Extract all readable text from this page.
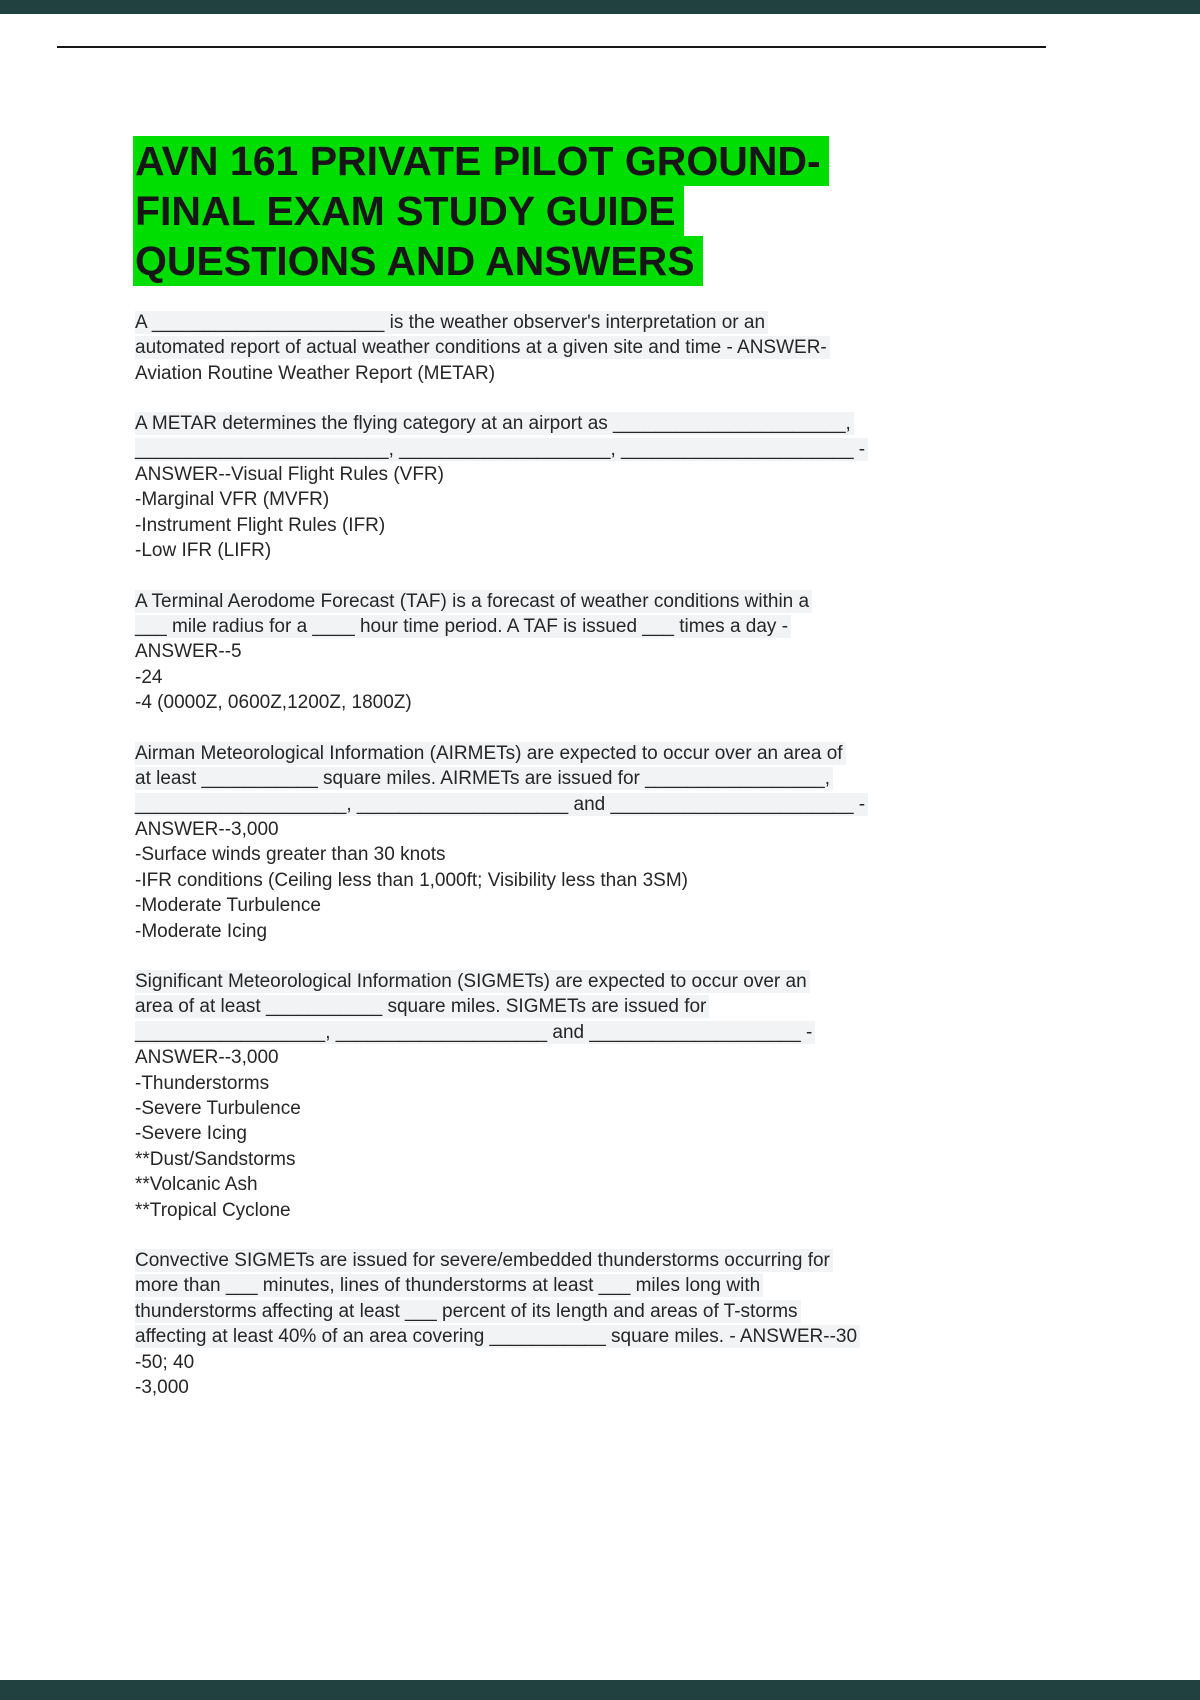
AVN 161 PRIVATE PILOT GROUND-
FINAL EXAM STUDY GUIDE
QUESTIONS AND ANSWERS
A ______________________ is the weather observer's interpretation or an
automated report of actual weather conditions at a given site and time - ANSWER-
Aviation Routine Weather Report (METAR)
A METAR determines the flying category at an airport as ______________________,
________________________, ____________________, ______________________ -
ANSWER--Visual Flight Rules (VFR)
-Marginal VFR (MVFR)
-Instrument Flight Rules (IFR)
-Low IFR (LIFR)
A Terminal Aerodome Forecast (TAF) is a forecast of weather conditions within a
___ mile radius for a ____ hour time period. A TAF is issued ___ times a day -
ANSWER--5
-24
-4 (0000Z, 0600Z,1200Z, 1800Z)
Airman Meteorological Information (AIRMETs) are expected to occur over an area of
at least ___________ square miles. AIRMETs are issued for _________________,
____________________, ____________________ and _______________________ -
ANSWER--3,000
-Surface winds greater than 30 knots
-IFR conditions (Ceiling less than 1,000ft; Visibility less than 3SM)
-Moderate Turbulence
-Moderate Icing
Significant Meteorological Information (SIGMETs) are expected to occur over an
area of at least ___________ square miles. SIGMETs are issued for
__________________, ____________________ and ____________________ -
ANSWER--3,000
-Thunderstorms
-Severe Turbulence
-Severe Icing
**Dust/Sandstorms
**Volcanic Ash
**Tropical Cyclone
Convective SIGMETs are issued for severe/embedded thunderstorms occurring for
more than ___ minutes, lines of thunderstorms at least ___ miles long with
thunderstorms affecting at least ___ percent of its length and areas of T-storms
affecting at least 40% of an area covering ___________ square miles. - ANSWER--30
-50; 40
-3,000
